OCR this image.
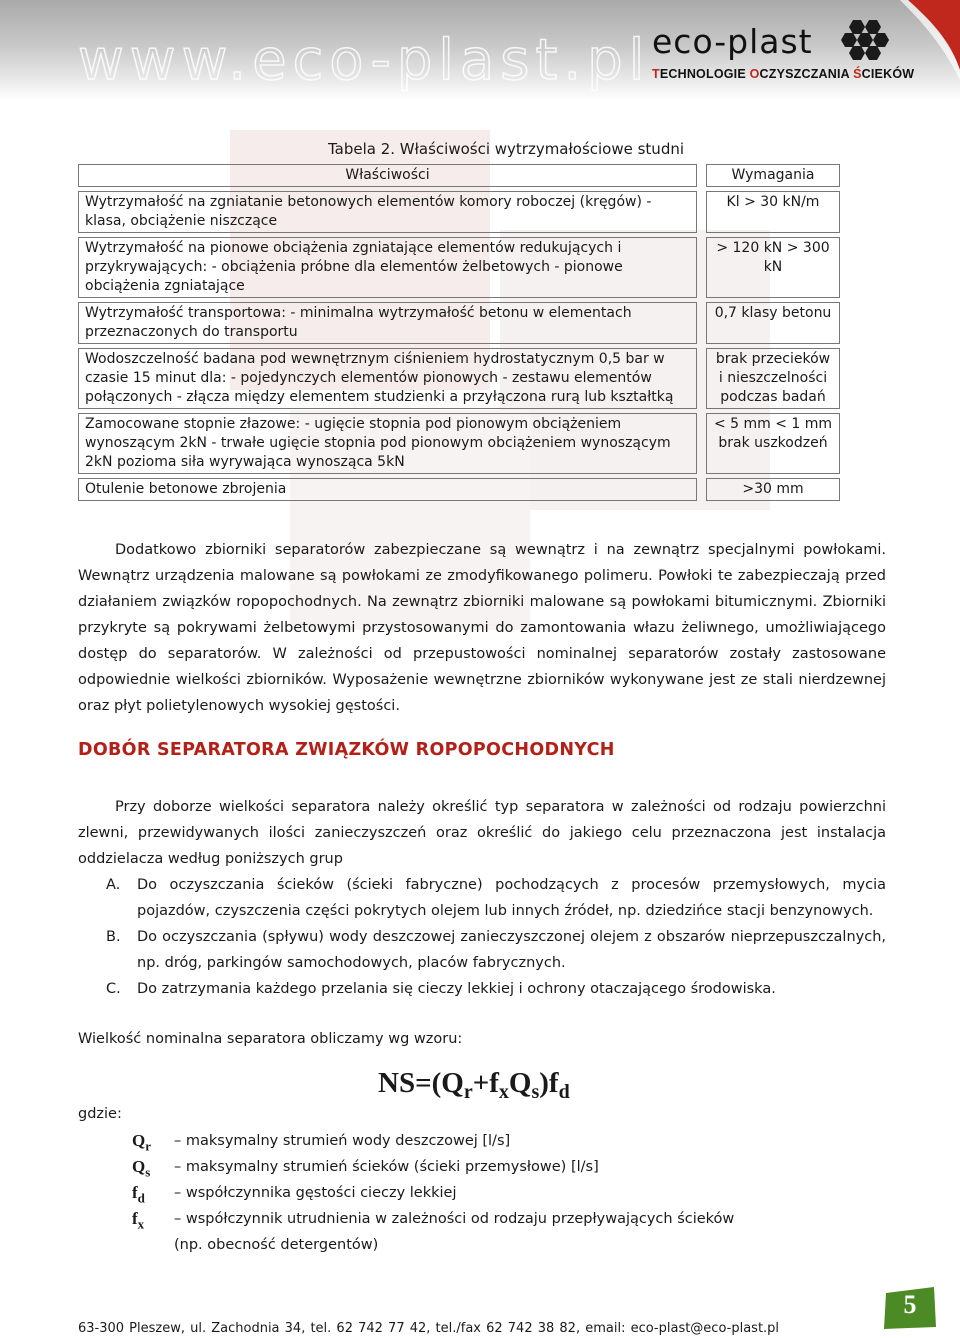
www.eco-plast.pl eco-plast
TECHNOLOGIE OCZYSZCZANIA ŚCIEKÓW
Tabela 2. Właściwości wytrzymałościowe studni
Właściwości		Wymagania
Wytrzymałość na zgniatanie betonowych elementów komory roboczej (kręgów) - klasa, obciążenie niszczące		Kl > 30 kN/m
Wytrzymałość na pionowe obciążenia zgniatające elementów redukujących i przykrywających: - obciążenia próbne dla elementów żelbetowych - pionowe obciążenia zgniatające		> 120 kN > 300 kN
Wytrzymałość transportowa: - minimalna wytrzymałość betonu w elementach przeznaczonych do transportu		0,7 klasy betonu
Wodoszczelność badana pod wewnętrznym ciśnieniem hydrostatycznym 0,5 bar w czasie 15 minut dla: - pojedynczych elementów pionowych - zestawu elementów połączonych - złącza między elementem studzienki a przyłączona rurą lub kształtką		brak przecieków i nieszczelności podczas badań
Zamocowane stopnie złazowe: - ugięcie stopnia pod pionowym obciążeniem wynoszącym 2kN - trwałe ugięcie stopnia pod pionowym obciążeniem wynoszącym 2kN pozioma siła wyrywająca wynosząca 5kN		< 5 mm < 1 mm brak uszkodzeń
Otulenie betonowe zbrojenia		>30 mm
Dodatkowo zbiorniki separatorów zabezpieczane są wewnątrz i na zewnątrz specjalnymi powłokami. Wewnątrz urządzenia malowane są powłokami ze zmodyfikowanego polimeru. Powłoki te zabezpieczają przed działaniem związków ropopochodnych. Na zewnątrz zbiorniki malowane są powłokami bitumicznymi. Zbiorniki przykryte są pokrywami żelbetowymi przystosowanymi do zamontowania włazu żeliwnego, umożliwiającego dostęp do separatorów. W zależności od przepustowości nominalnej separatorów zostały zastosowane odpowiednie wielkości zbiorników. Wyposażenie wewnętrzne zbiorników wykonywane jest ze stali nierdzewnej oraz płyt polietylenowych wysokiej gęstości.
DOBÓR SEPARATORA ZWIĄZKÓW ROPOPOCHODNYCH
Przy doborze wielkości separatora należy określić typ separatora w zależności od rodzaju powierzchni zlewni, przewidywanych ilości zanieczyszczeń oraz określić do jakiego celu przeznaczona jest instalacja oddzielacza według poniższych grup
A.	Do oczyszczania ścieków (ścieki fabryczne) pochodzących z procesów przemysłowych, mycia pojazdów, czyszczenia części pokrytych olejem lub innych źródeł, np. dziedzińce stacji benzynowych.
B.	Do oczyszczania (spływu) wody deszczowej zanieczyszczonej olejem z obszarów nieprzepuszczalnych, np. dróg, parkingów samochodowych, placów fabrycznych.
C.	Do zatrzymania każdego przelania się cieczy lekkiej i ochrony otaczającego środowiska.
Wielkość nominalna separatora obliczamy wg wzoru:
$NS=(Q_r+f_xQ_s)f_d$
gdzie:
$Q_r$	– maksymalny strumień wody deszczowej [l/s]
$Q_s$	– maksymalny strumień ścieków (ścieki przemysłowe) [l/s]
$f_d$	– współczynnika gęstości cieczy lekkiej
$f_x$	– współczynnik utrudnienia w zależności od rodzaju przepływających ścieków
(np. obecność detergentów)
63-300 Pleszew, ul. Zachodnia 34, tel. 62 742 77 42, tel./fax 62 742 38 82, email: eco-plast@eco-plast.pl
5
